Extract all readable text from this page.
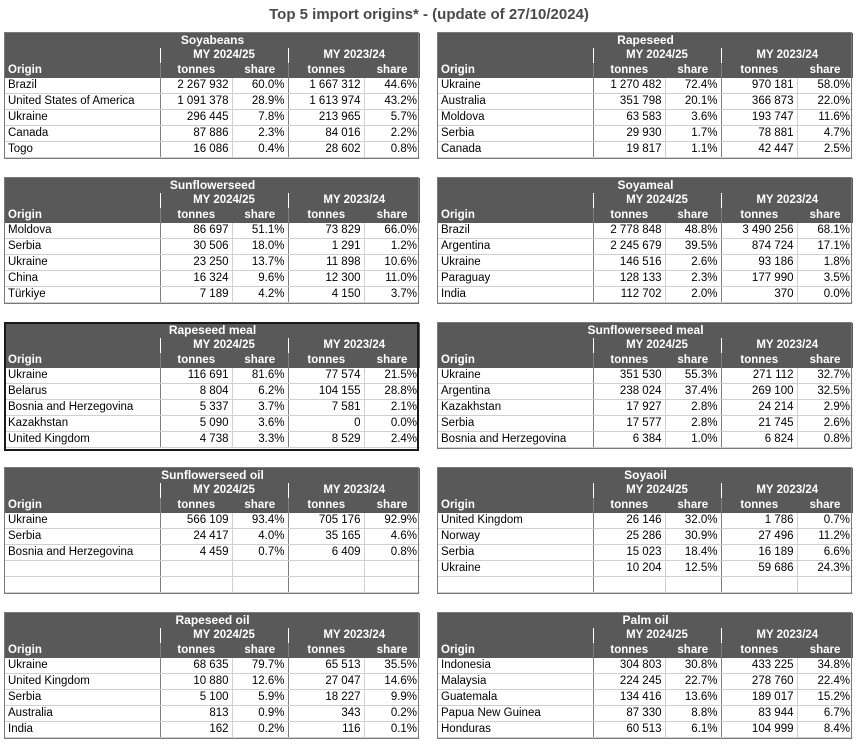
Top 5 import origins* - (update of 27/10/2024)
Soyabeans				
	MY 2024/25		MY 2023/24	
Origin	tonnes	share	tonnes	share
Brazil	2 267 932	60.0%	1 667 312	44.6%
United States of America	1 091 378	28.9%	1 613 974	43.2%
Ukraine	296 445	7.8%	213 965	5.7%
Canada	87 886	2.3%	84 016	2.2%
Togo	16 086	0.4%	28 602	0.8%
Rapeseed				
	MY 2024/25		MY 2023/24	
Origin	tonnes	share	tonnes	share
Ukraine	1 270 482	72.4%	970 181	58.0%
Australia	351 798	20.1%	366 873	22.0%
Moldova	63 583	3.6%	193 747	11.6%
Serbia	29 930	1.7%	78 881	4.7%
Canada	19 817	1.1%	42 447	2.5%
Sunflowerseed				
	MY 2024/25		MY 2023/24	
Origin	tonnes	share	tonnes	share
Moldova	86 697	51.1%	73 829	66.0%
Serbia	30 506	18.0%	1 291	1.2%
Ukraine	23 250	13.7%	11 898	10.6%
China	16 324	9.6%	12 300	11.0%
Türkiye	7 189	4.2%	4 150	3.7%
Soyameal				
	MY 2024/25		MY 2023/24	
Origin	tonnes	share	tonnes	share
Brazil	2 778 848	48.8%	3 490 256	68.1%
Argentina	2 245 679	39.5%	874 724	17.1%
Ukraine	146 516	2.6%	93 186	1.8%
Paraguay	128 133	2.3%	177 990	3.5%
India	112 702	2.0%	370	0.0%
Rapeseed meal				
	MY 2024/25		MY 2023/24	
Origin	tonnes	share	tonnes	share
Ukraine	116 691	81.6%	77 574	21.5%
Belarus	8 804	6.2%	104 155	28.8%
Bosnia and Herzegovina	5 337	3.7%	7 581	2.1%
Kazakhstan	5 090	3.6%	0	0.0%
United Kingdom	4 738	3.3%	8 529	2.4%
Sunflowerseed meal				
	MY 2024/25		MY 2023/24	
Origin	tonnes	share	tonnes	share
Ukraine	351 530	55.3%	271 112	32.7%
Argentina	238 024	37.4%	269 100	32.5%
Kazakhstan	17 927	2.8%	24 214	2.9%
Serbia	17 577	2.8%	21 745	2.6%
Bosnia and Herzegovina	6 384	1.0%	6 824	0.8%
Sunflowerseed oil				
	MY 2024/25		MY 2023/24	
Origin	tonnes	share	tonnes	share
Ukraine	566 109	93.4%	705 176	92.9%
Serbia	24 417	4.0%	35 165	4.6%
Bosnia and Herzegovina	4 459	0.7%	6 409	0.8%

Soyaoil				
	MY 2024/25		MY 2023/24	
Origin	tonnes	share	tonnes	share
United Kingdom	26 146	32.0%	1 786	0.7%
Norway	25 286	30.9%	27 496	11.2%
Serbia	15 023	18.4%	16 189	6.6%
Ukraine	10 204	12.5%	59 686	24.3%

Rapeseed oil				
	MY 2024/25		MY 2023/24	
Origin	tonnes	share	tonnes	share
Ukraine	68 635	79.7%	65 513	35.5%
United Kingdom	10 880	12.6%	27 047	14.6%
Serbia	5 100	5.9%	18 227	9.9%
Australia	813	0.9%	343	0.2%
India	162	0.2%	116	0.1%
Palm oil				
	MY 2024/25		MY 2023/24	
Origin	tonnes	share	tonnes	share
Indonesia	304 803	30.8%	433 225	34.8%
Malaysia	224 245	22.7%	278 760	22.4%
Guatemala	134 416	13.6%	189 017	15.2%
Papua New Guinea	87 330	8.8%	83 944	6.7%
Honduras	60 513	6.1%	104 999	8.4%
